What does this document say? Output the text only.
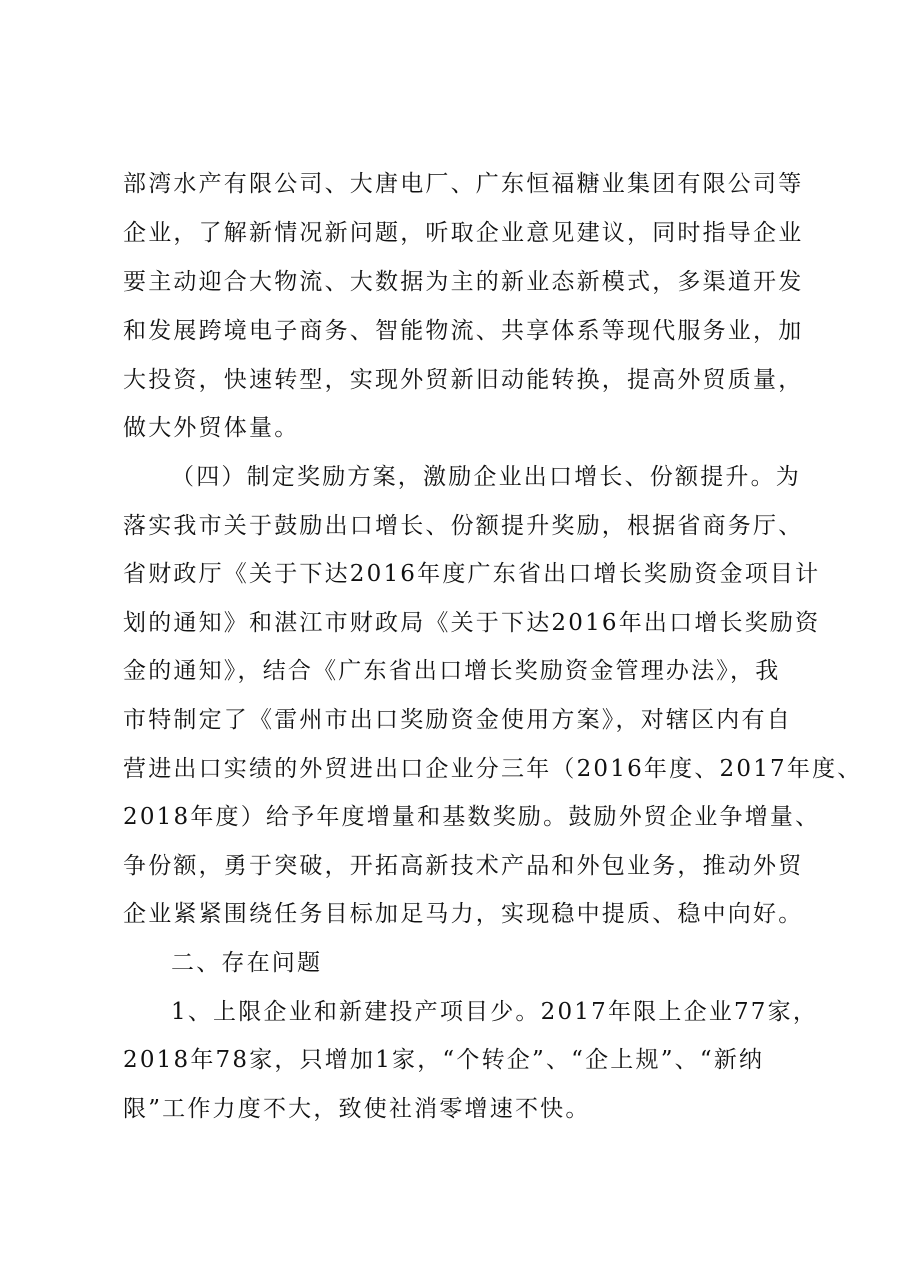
部湾水产有限公司、大唐电厂、广东恒福糖业集团有限公司等
企业，了解新情况新问题，听取企业意见建议，同时指导企业
要主动迎合大物流、大数据为主的新业态新模式，多渠道开发
和发展跨境电子商务、智能物流、共享体系等现代服务业，加
大投资，快速转型，实现外贸新旧动能转换，提高外贸质量，
做大外贸体量。
（四）制定奖励方案，激励企业出口增长、份额提升。为
落实我市关于鼓励出口增长、份额提升奖励，根据省商务厅、
省财政厅《关于下达2016年度广东省出口增长奖励资金项目计
划的通知》和湛江市财政局《关于下达2016年出口增长奖励资
金的通知》，结合《广东省出口增长奖励资金管理办法》，我
市特制定了《雷州市出口奖励资金使用方案》，对辖区内有自
营进出口实绩的外贸进出口企业分三年（2016年度、2017年度、
2018年度）给予年度增量和基数奖励。鼓励外贸企业争增量、
争份额，勇于突破，开拓高新技术产品和外包业务，推动外贸
企业紧紧围绕任务目标加足马力，实现稳中提质、稳中向好。
二、存在问题
1、上限企业和新建投产项目少。2017年限上企业77家，
2018年78家，只增加1家，“个转企”、“企上规”、“新纳
限”工作力度不大，致使社消零增速不快。
